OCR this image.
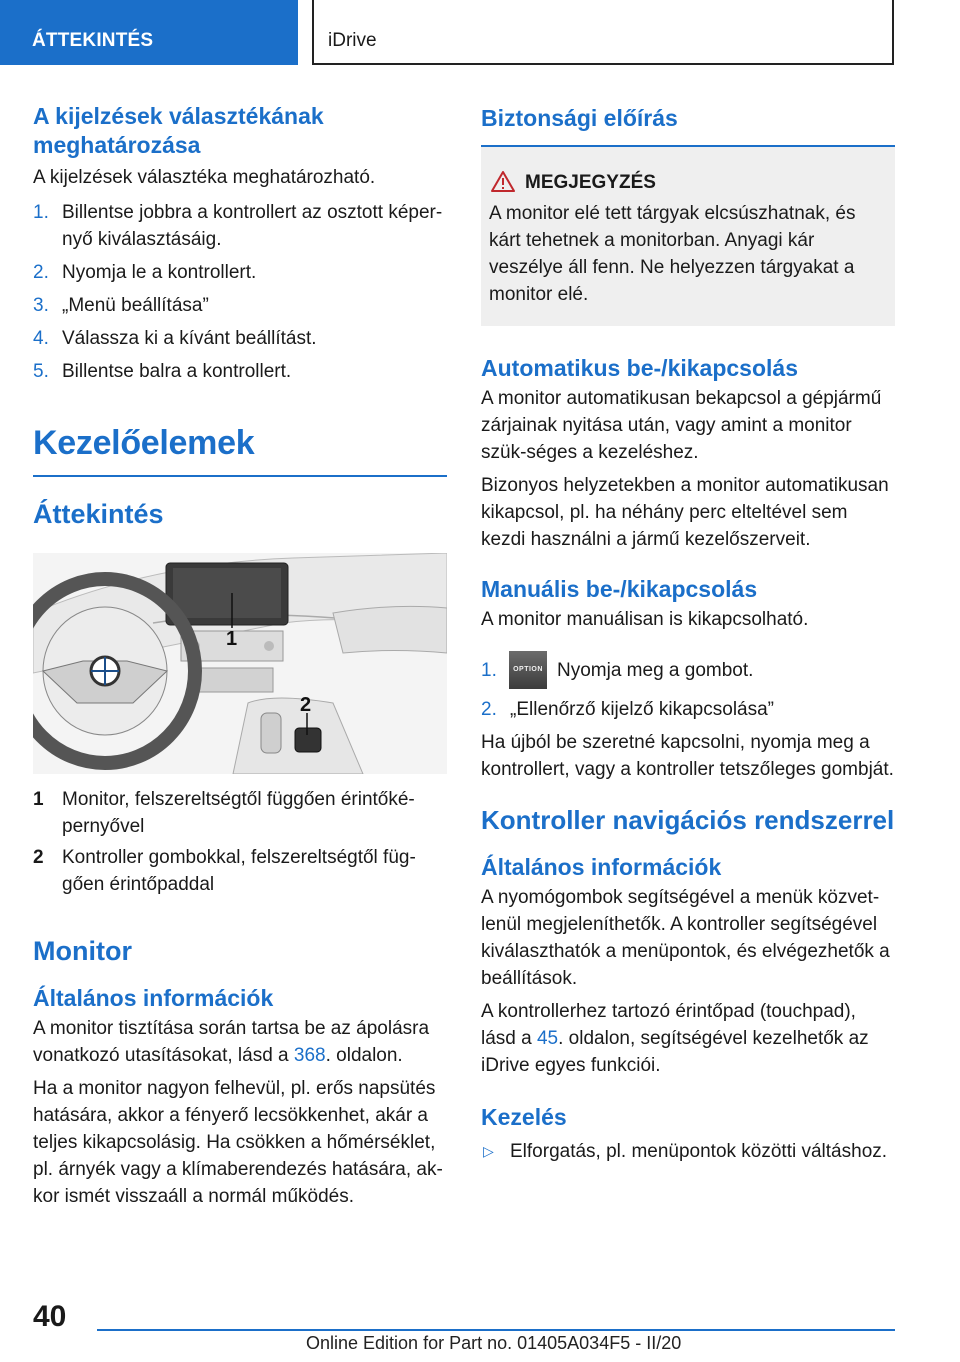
ÁTTEKINTÉS	iDrive
A kijelzések választékának meghatározása

A kijelzések választéka meghatározható.

1. Billentse jobbra a kontrollert az osztott képer‐nyő kiválasztásáig.
2. Nyomja le a kontrollert.
3. „Menü beállítása”
4. Válassza ki a kívánt beállítást.
5. Billentse balra a kontrollert.
Kezelőelemek
Áttekintés
1
2
1 Monitor, felszereltségtől függően érintőké‐pernyővel
2 Kontroller gombokkal, felszereltségtől füg‐gően érintőpaddal
Monitor
Általános információk

A monitor tisztítása során tartsa be az ápolásra vonatkozó utasításokat, lásd a 368. oldalon.

Ha a monitor nagyon felhevül, pl. erős napsütés hatására, akkor a fényerő lecsökkenhet, akár a teljes kikapcsolásig. Ha csökken a hőmérséklet, pl. árnyék vagy a klímaberendezés hatására, ak‐kor ismét visszaáll a normál működés.

Biztonsági előírás
MEGJEGYZÉS

A monitor elé tett tárgyak elcsúszhatnak, és kárt tehetnek a monitorban. Anyagi kár veszélye áll fenn. Ne helyezzen tárgyakat a monitor elé.

Automatikus be-/kikapcsolás

A monitor automatikusan bekapcsol a gépjármű zárjainak nyitása után, vagy amint a monitor szük‐séges a kezeléshez.

Bizonyos helyzetekben a monitor automatikusan kikapcsol, pl. ha néhány perc elteltével sem kezdi használni a jármű kezelőszerveit.

Manuális be-/kikapcsolás

A monitor manuálisan is kikapcsolható.

1.	OPTION Nyomja meg a gombot.
2. „Ellenőrző kijelző kikapcsolása”

Ha újból be szeretné kapcsolni, nyomja meg a kontrollert, vagy a kontroller tetszőleges gombját.

Kontroller navigációs rendszerrel
Általános információk

A nyomógombok segítségével a menük közvet‐lenül megjeleníthetők. A kontroller segítségével kiválaszthatók a menüpontok, és elvégezhetők a beállítások.

A kontrollerhez tartozó érintőpad (touchpad), lásd a 45. oldalon, segítségével kezelhetők az iDrive egyes funkciói.

Kezelés
▷ Elforgatás, pl. menüpontok közötti váltáshoz.
40
Online Edition for Part no. 01405A034F5 - II/20
